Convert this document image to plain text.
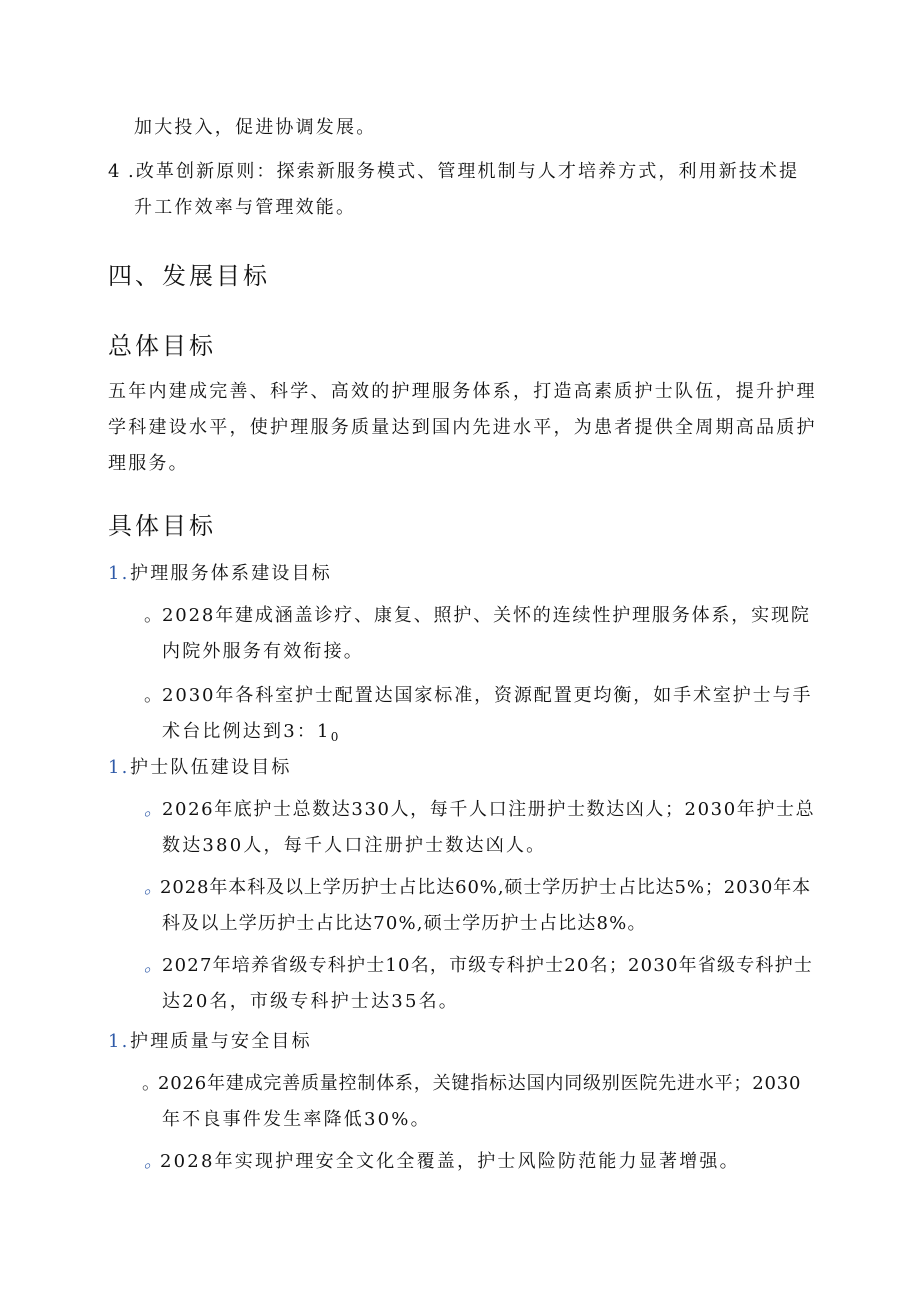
加大投入，促进协调发展。
4 .改革创新原则：探索新服务模式、管理机制与人才培养方式，利用新技术提
升工作效率与管理效能。
四、发展目标
总体目标
五年内建成完善、科学、高效的护理服务体系，打造高素质护士队伍，提升护理
学科建设水平，使护理服务质量达到国内先进水平，为患者提供全周期高品质护
理服务。
具体目标
1. 护理服务体系建设目标
。
2028年建成涵盖诊疗、康复、照护、关怀的连续性护理服务体系，实现院
内院外服务有效衔接。
。
2030年各科室护士配置达国家标准，资源配置更均衡，如手术室护士与手
术台比例达到3：$1_0$
1. 护士队伍建设目标
。
2026年底护士总数达330人，每千人口注册护士数达凶人；2030年护士总
数达380人，每千人口注册护士数达凶人。
。
2028年本科及以上学历护士占比达60%,硕士学历护士占比达5%；2030年本
科及以上学历护士占比达70%,硕士学历护士占比达8%。
。
2027年培养省级专科护士10名，市级专科护士20名；2030年省级专科护士
达20名，市级专科护士达35名。
1. 护理质量与安全目标
。
2026年建成完善质量控制体系，关键指标达国内同级别医院先进水平；2030
年不良事件发生率降低30%。
。
2028年实现护理安全文化全覆盖，护士风险防范能力显著增强。
